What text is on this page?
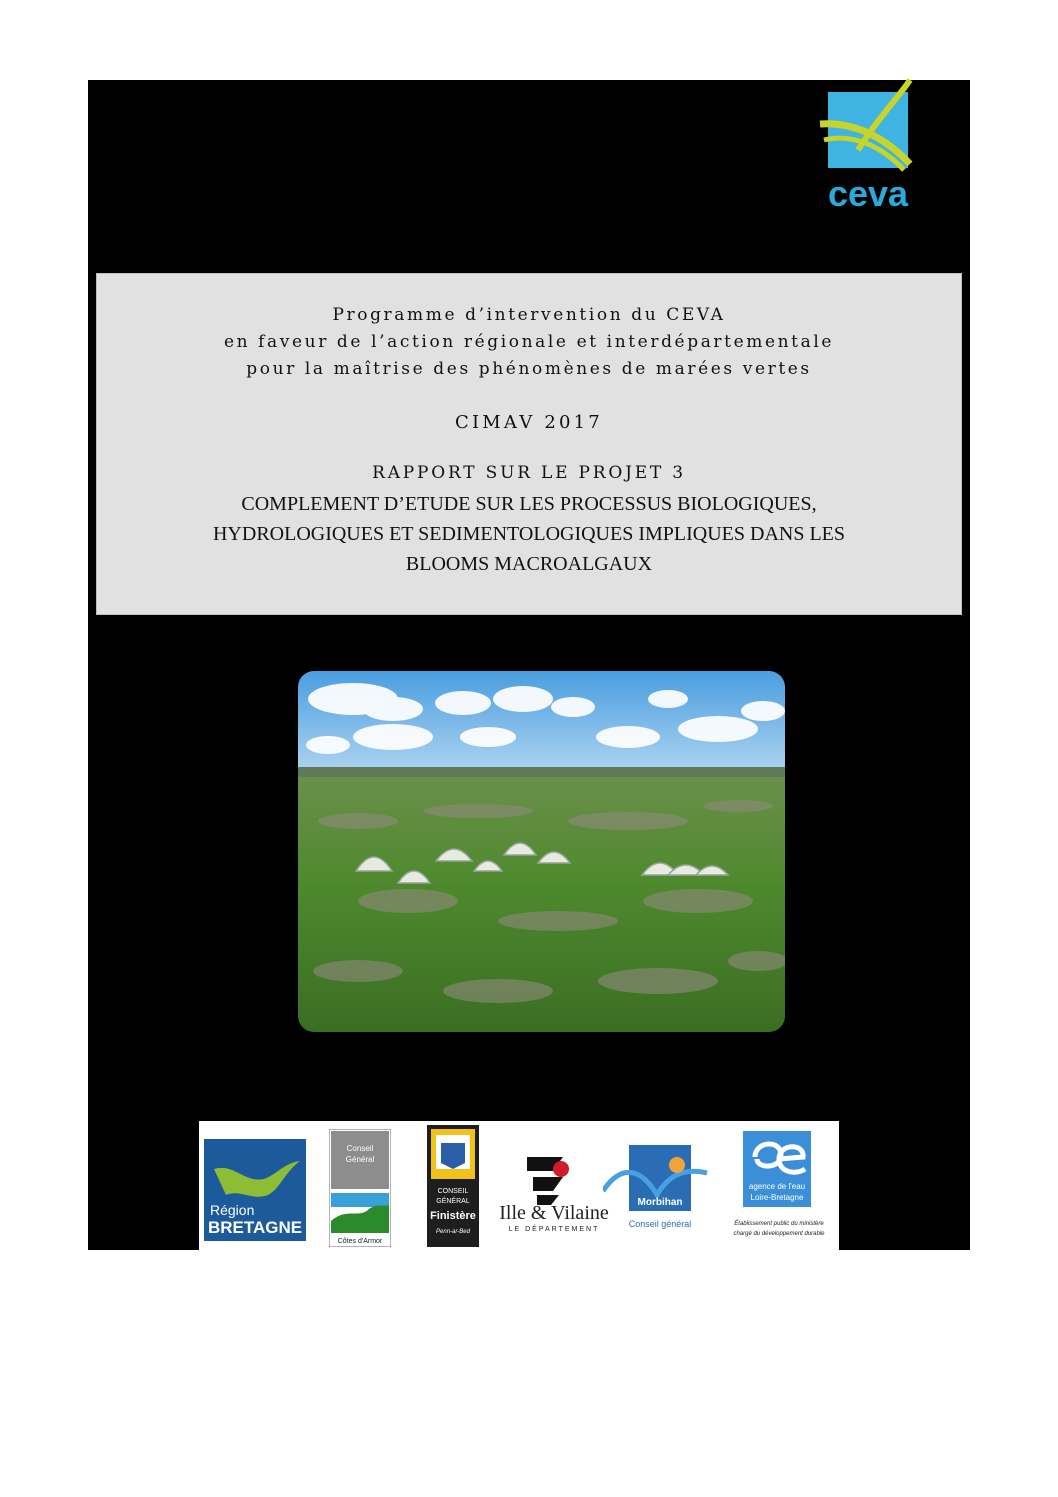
ceva
Programme d’intervention du CEVA
en faveur de l’action régionale et interdépartementale
pour la maîtrise des phénomènes de marées vertes
CIMAV 2017
RAPPORT SUR LE PROJET 3
COMPLEMENT D’ETUDE SUR LES PROCESSUS BIOLOGIQUES,
HYDROLOGIQUES ET SEDIMENTOLOGIQUES IMPLIQUES DANS LES
BLOOMS MACROALGAUX
Région
BRETAGNE
Conseil
Général
Côtes d'Armor
CONSEIL
GÉNÉRAL
Finistère
Penn-ar-Bed
Ille & Vilaine
LE DÉPARTEMENT
Morbihan
Conseil général
agence de l'eau
Loire-Bretagne
Établissement public du ministère
chargé du développement durable
